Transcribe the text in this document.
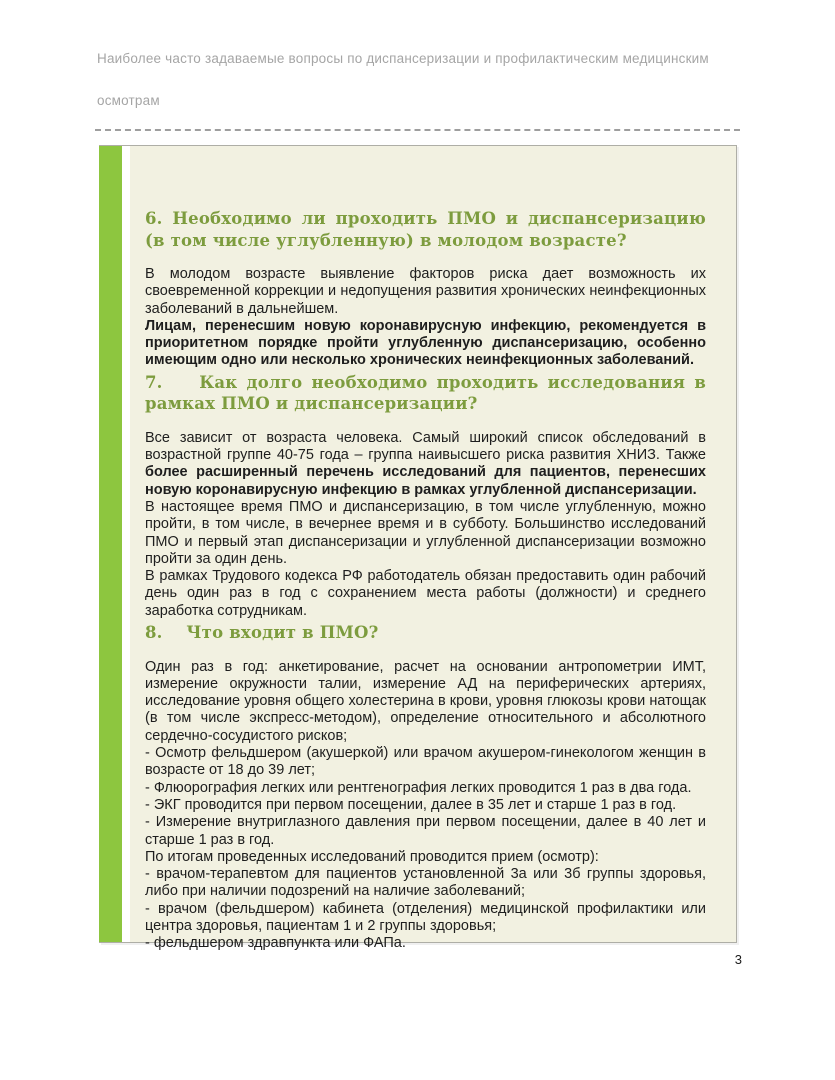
Наиболее часто задаваемые вопросы по диспансеризации и профилактическим медицинским осмотрам
6. Необходимо ли проходить ПМО и диспансеризацию (в том числе углубленную) в молодом возрасте?

В молодом возрасте выявление факторов риска дает возможность их своевременной коррекции и недопущения развития хронических неинфекционных заболеваний в дальнейшем.

Лицам, перенесшим новую коронавирусную инфекцию, рекомендуется в приоритетном порядке пройти углубленную диспансеризацию, особенно имеющим одно или несколько хронических неинфекционных заболеваний.

7.    Как долго необходимо проходить исследования в рамках ПМО и диспансеризации?

Все зависит от возраста человека. Самый широкий список обследований в возрастной группе 40-75 года – группа наивысшего риска развития ХНИЗ. Также более расширенный перечень исследований для пациентов, перенесших новую коронавирусную инфекцию в рамках углубленной диспансеризации.

В настоящее время ПМО и диспансеризацию, в том числе углубленную, можно пройти, в том числе, в вечернее время и в субботу. Большинство исследований ПМО и первый этап диспансеризации и углубленной диспансеризации возможно пройти за один день.

В рамках Трудового кодекса РФ работодатель обязан предоставить один рабочий день один раз в год с сохранением места работы (должности) и среднего заработка сотрудникам.

8.    Что входит в ПМО?

Один раз в год: анкетирование, расчет на основании антропометрии ИМТ, измерение окружности талии, измерение АД на периферических артериях, исследование уровня общего холестерина в крови, уровня глюкозы крови натощак (в том числе экспресс-методом), определение относительного и абсолютного сердечно-сосудистого рисков;

- Осмотр фельдшером (акушеркой) или врачом акушером-гинекологом женщин в возрасте от 18 до 39 лет;

- Флюорография легких или рентгенография легких проводится 1 раз в два года.

- ЭКГ проводится при первом посещении, далее в 35 лет и старше 1 раз в год.

- Измерение внутриглазного давления при первом посещении, далее в 40 лет и старше 1 раз в год.

По итогам проведенных исследований проводится прием (осмотр):

- врачом-терапевтом для пациентов установленной 3а или 3б группы здоровья, либо при наличии подозрений на наличие заболеваний;

- врачом (фельдшером) кабинета (отделения) медицинской профилактики или центра здоровья, пациентам 1 и 2 группы здоровья;

- фельдшером здравпункта или ФАПа.

3
